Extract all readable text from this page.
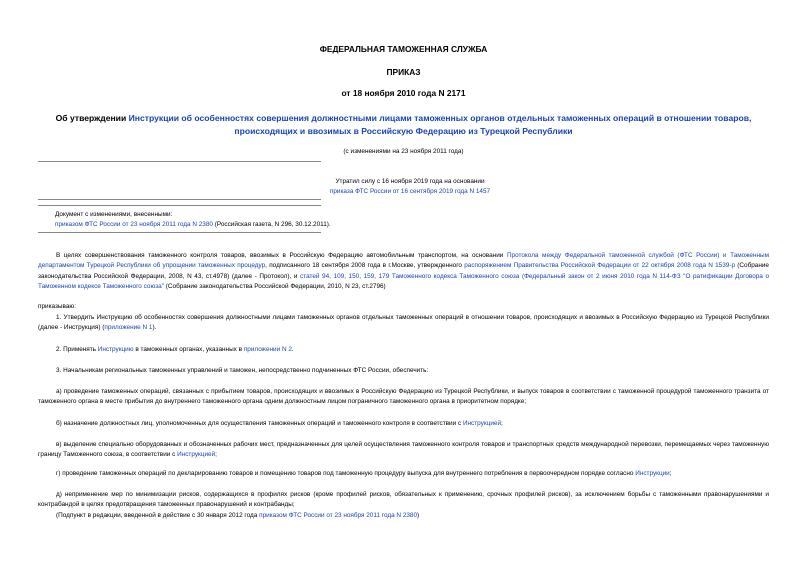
ФЕДЕРАЛЬНАЯ ТАМОЖЕННАЯ СЛУЖБА
ПРИКАЗ
от 18 ноября 2010 года N 2171
Об утверждении Инструкции об особенностях совершения должностными лицами таможенных органов отдельных таможенных операций в отношении товаров, происходящих и ввозимых в Российскую Федерацию из Турецкой Республики
(с изменениями на 23 ноября 2011 года)
Утратил силу с 16 ноября 2019 года на основании
приказа ФТС России от 16 сентября 2019 года N 1457
Документ с изменениями, внесенными:
приказом ФТС России от 23 ноября 2011 года N 2380 (Российская газета, N 296, 30.12.2011).
В целях совершенствования таможенного контроля товаров, ввозимых в Российскую Федерацию автомобильным транспортом, на основании Протокола между Федеральной таможенной службой (ФТС России) и Таможенным департаментом Турецкой Республики об упрощении таможенных процедур, подписанного 18 сентября 2008 года в г.Москве, утвержденного распоряжением Правительства Российской Федерации от 22 октября 2008 года N 1539-р (Собрание законодательства Российской Федерации, 2008, N 43, ст.4978) (далее - Протокол), и статей 94, 109, 150, 159, 179 Таможенного кодекса Таможенного союза (Федеральный закон от 2 июня 2010 года N 114-ФЗ "О ратификации Договора о Таможенном кодексе Таможенного союза" (Собрание законодательства Российской Федерации, 2010, N 23, ст.2796)
приказываю:
1. Утвердить Инструкцию об особенностях совершения должностными лицами таможенных органов отдельных таможенных операций в отношении товаров, происходящих и ввозимых в Российскую Федерацию из Турецкой Республики (далее - Инструкция) (приложение N 1).
2. Применять Инструкцию в таможенных органах, указанных в приложении N 2.
3. Начальникам региональных таможенных управлений и таможен, непосредственно подчиненных ФТС России, обеспечить:
а) проведение таможенных операций, связанных с прибытием товаров, происходящих и ввозимых в Российскую Федерацию из Турецкой Республики, и выпуск товаров в соответствии с таможенной процедурой таможенного транзита от таможенного органа в месте прибытия до внутреннего таможенного органа одним должностным лицом пограничного таможенного органа в приоритетном порядке;
б) назначение должностных лиц, уполномоченных для осуществления таможенных операций и таможенного контроля в соответствии с Инструкцией;
в) выделение специально оборудованных и обозначенных рабочих мест, предназначенных для целей осуществления таможенного контроля товаров и транспортных средств международной перевозки, перемещаемых через таможенную границу Таможенного союза, в соответствии с Инструкцией;
г) проведение таможенных операций по декларированию товаров и помещению товаров под таможенную процедуру выпуска для внутреннего потребления в первоочередном порядке согласно Инструкции;
д) неприменение мер по минимизации рисков, содержащихся в профилях рисков (кроме профилей рисков, обязательных к применению, срочных профилей рисков), за исключением борьбы с таможенными правонарушениями и контрабандой в целях предотвращения таможенных правонарушений и контрабанды;
(Подпункт в редакции, введенной в действие с 30 января 2012 года приказом ФТС России от 23 ноября 2011 года N 2380)
